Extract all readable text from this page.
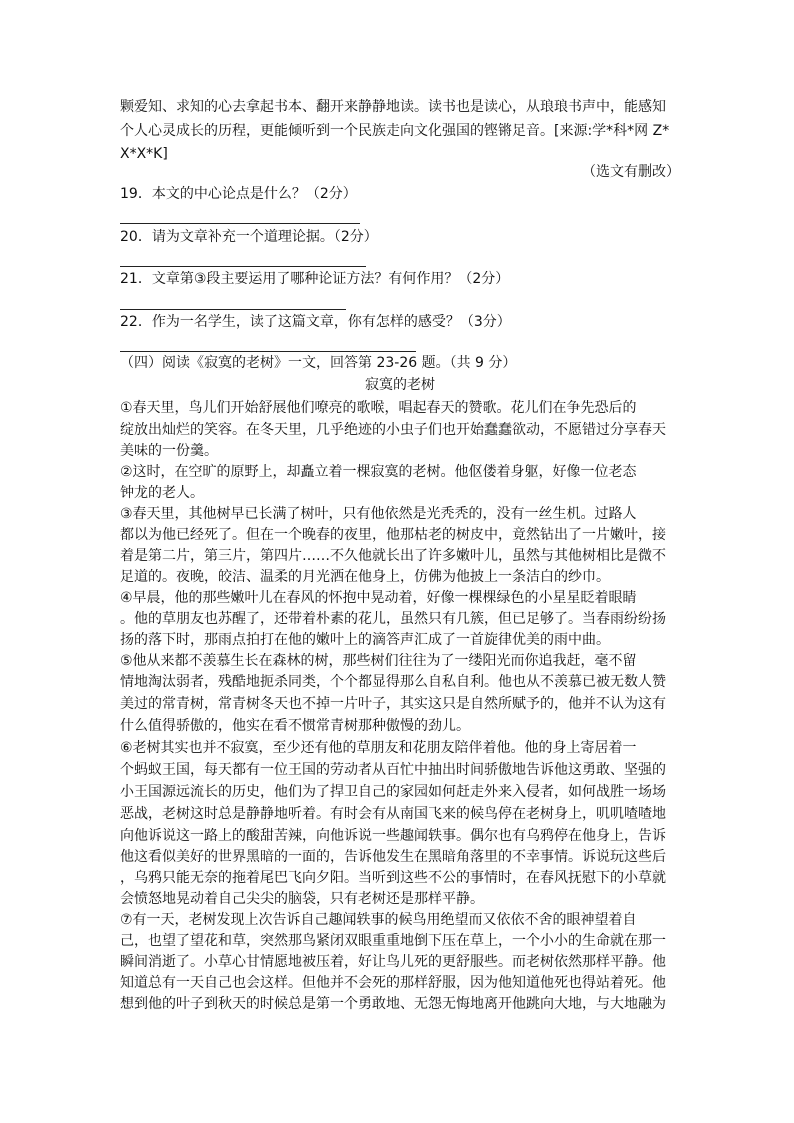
颗爱知、求知的心去拿起书本、翻开来静静地读。读书也是读心，从琅琅书声中，能感知
个人心灵成长的历程，更能倾听到一个民族走向文化强国的铿锵足音。[来源:学*科*网 Z*
X*X*K]
（选文有删改）
19．本文的中心论点是什么？（2分）
20．请为文章补充一个道理论据。（2分）
21．文章第③段主要运用了哪种论证方法？有何作用？（2分）
22．作为一名学生，读了这篇文章，你有怎样的感受？（3分）
（四）阅读《寂寞的老树》一文，回答第 23-26 题。（共 9 分）
寂寞的老树
①春天里，鸟儿们开始舒展他们嘹亮的歌喉，唱起春天的赞歌。花儿们在争先恐后的
绽放出灿烂的笑容。在冬天里，几乎绝迹的小虫子们也开始蠢蠢欲动，不愿错过分享春天
美味的一份羹。
②这时，在空旷的原野上，却矗立着一棵寂寞的老树。他伛偻着身躯，好像一位老态
钟龙的老人。
③春天里，其他树早已长满了树叶，只有他依然是光秃秃的，没有一丝生机。过路人
都以为他已经死了。但在一个晚春的夜里，他那枯老的树皮中，竟然钻出了一片嫩叶，接
着是第二片，第三片，第四片……不久他就长出了许多嫩叶儿，虽然与其他树相比是微不
足道的。夜晚，皎洁、温柔的月光洒在他身上，仿佛为他披上一条洁白的纱巾。
④早晨，他的那些嫩叶儿在春风的怀抱中晃动着，好像一棵棵绿色的小星星眨着眼睛
。他的草朋友也苏醒了，还带着朴素的花儿，虽然只有几簇，但已足够了。当春雨纷纷扬
扬的落下时，那雨点拍打在他的嫩叶上的滴答声汇成了一首旋律优美的雨中曲。
⑤他从来都不羡慕生长在森林的树，那些树们往往为了一缕阳光而你追我赶，毫不留
情地淘汰弱者，残酷地扼杀同类，个个都显得那么自私自利。他也从不羡慕已被无数人赞
美过的常青树，常青树冬天也不掉一片叶子，其实这只是自然所赋予的，他并不认为这有
什么值得骄傲的，他实在看不惯常青树那种傲慢的劲儿。
⑥老树其实也并不寂寞，至少还有他的草朋友和花朋友陪伴着他。他的身上寄居着一
个蚂蚁王国，每天都有一位王国的劳动者从百忙中抽出时间骄傲地告诉他这勇敢、坚强的
小王国源远流长的历史，他们为了捍卫自己的家园如何赶走外来入侵者，如何战胜一场场
恶战，老树这时总是静静地听着。有时会有从南国飞来的候鸟停在老树身上，叽叽喳喳地
向他诉说这一路上的酸甜苦辣，向他诉说一些趣闻轶事。偶尔也有乌鸦停在他身上，告诉
他这看似美好的世界黑暗的一面的，告诉他发生在黑暗角落里的不幸事情。诉说玩这些后
，乌鸦只能无奈的拖着尾巴飞向夕阳。当听到这些不公的事情时，在春风抚慰下的小草就
会愤怒地晃动着自己尖尖的脑袋，只有老树还是那样平静。
⑦有一天，老树发现上次告诉自己趣闻轶事的候鸟用绝望而又依依不舍的眼神望着自
己，也望了望花和草，突然那鸟紧闭双眼重重地倒下压在草上，一个小小的生命就在那一
瞬间消逝了。小草心甘情愿地被压着，好让鸟儿死的更舒服些。而老树依然那样平静。他
知道总有一天自己也会这样。但他并不会死的那样舒服，因为他知道他死也得站着死。他
想到他的叶子到秋天的时候总是第一个勇敢地、无怨无悔地离开他跳向大地，与大地融为
